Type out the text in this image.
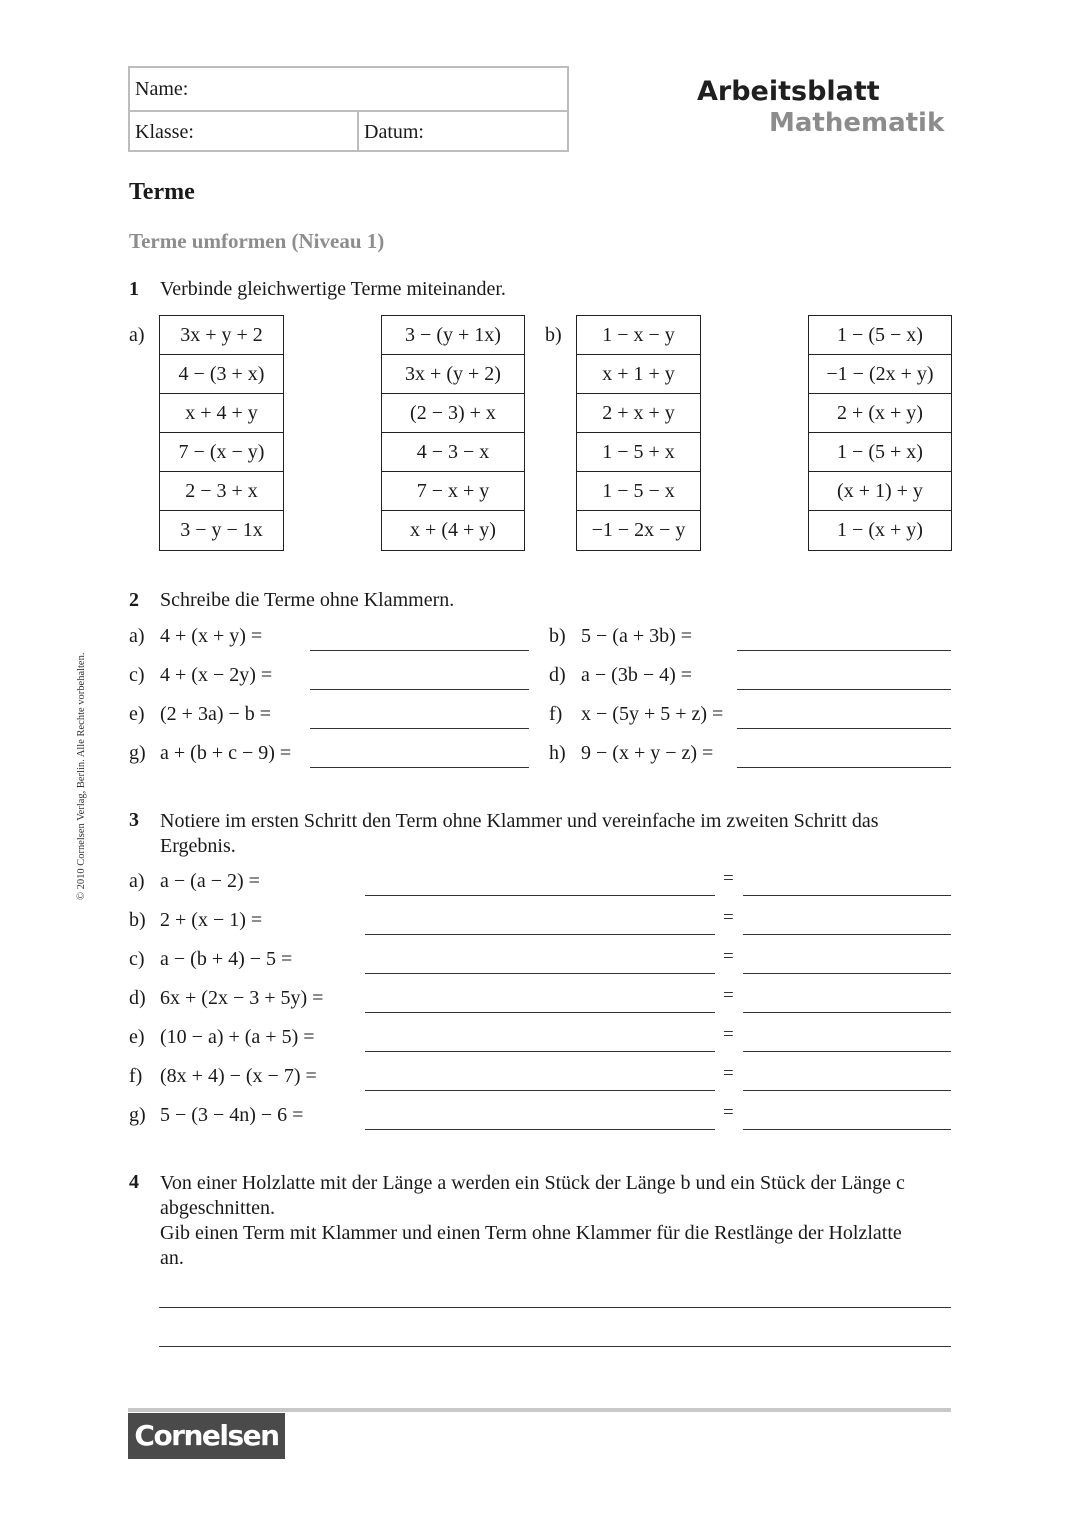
Name:
Klasse:	Datum:
Arbeitsblatt
Mathematik
Terme
Terme umformen (Niveau 1)
1 Verbinde gleichwertige Terme miteinander.
a)	b)
3x + y + 2
4 − (3 + x)
x + 4 + y
7 − (x − y)
2 − 3 + x
3 − y − 1x
3 − (y + 1x)
3x + (y + 2)
(2 − 3) + x
4 − 3 − x
7 − x + y
x + (4 + y)
1 − x − y
x + 1 + y
2 + x + y
1 − 5 + x
1 − 5 − x
−1 − 2x − y
1 − (5 − x)
−1 − (2x + y)
2 + (x + y)
1 − (5 + x)
(x + 1) + y
1 − (x + y)
2 Schreibe die Terme ohne Klammern.
a) 4 + (x + y) =	b) 5 − (a + 3b) =
c) 4 + (x − 2y) =	d) a − (3b − 4) =
e) (2 + 3a) − b =	f) x − (5y + 5 + z) =
g) a + (b + c − 9) =	h) 9 − (x + y − z) =
3 Notiere im ersten Schritt den Term ohne Klammer und vereinfache im zweiten Schritt das Ergebnis.
a) a − (a − 2) =	=
b) 2 + (x − 1) =	=
c) a − (b + 4) − 5 =	=
d) 6x + (2x − 3 + 5y) =	=
e) (10 − a) + (a + 5) =	=
f) (8x + 4) − (x − 7) =	=
g) 5 − (3 − 4n) − 6 =	=
4 Von einer Holzlatte mit der Länge a werden ein Stück der Länge b und ein Stück der Länge c abgeschnitten.
Gib einen Term mit Klammer und einen Term ohne Klammer für die Restlänge der Holzlatte an.
© 2010 Cornelsen Verlag, Berlin. Alle Rechte vorbehalten.
Cornelsen
